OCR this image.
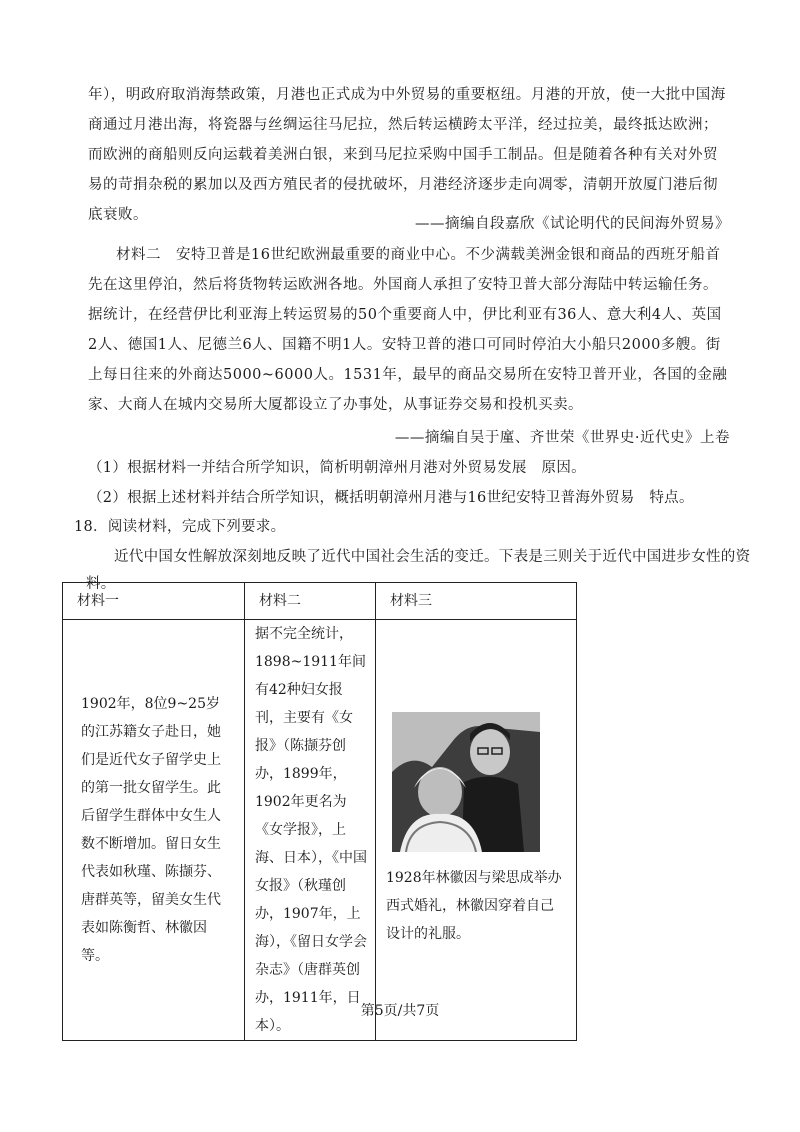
年），明政府取消海禁政策，月港也正式成为中外贸易的重要枢纽。月港的开放，使一大批中国海商通过月港出海，将瓷器与丝绸运往马尼拉，然后转运横跨太平洋，经过拉美，最终抵达欧洲；而欧洲的商船则反向运载着美洲白银，来到马尼拉采购中国手工制品。但是随着各种有关对外贸易的苛捐杂税的累加以及西方殖民者的侵扰破坏，月港经济逐步走向凋零，清朝开放厦门港后彻底衰败。

——摘编自段嘉欣《试论明代的民间海外贸易》

材料二　安特卫普是16世纪欧洲最重要的商业中心。不少满载美洲金银和商品的西班牙船首先在这里停泊，然后将货物转运欧洲各地。外国商人承担了安特卫普大部分海陆中转运输任务。据统计，在经营伊比利亚海上转运贸易的50个重要商人中，伊比利亚有36人、意大利4人、英国2人、德国1人、尼德兰6人、国籍不明1人。安特卫普的港口可同时停泊大小船只2000多艘。街上每日往来的外商达5000~6000人。1531年，最早的商品交易所在安特卫普开业，各国的金融家、大商人在城内交易所大厦都设立了办事处，从事证券交易和投机买卖。

——摘编自吴于廑、齐世荣《世界史·近代史》上卷
（1）根据材料一并结合所学知识，简析明朝漳州月港对外贸易发展　原因。
（2）根据上述材料并结合所学知识，概括明朝漳州月港与16世纪安特卫普海外贸易　特点。
18．阅读材料，完成下列要求。
近代中国女性解放深刻地反映了近代中国社会生活的变迁。下表是三则关于近代中国进步女性的资料。
材料一	材料二	材料三
1902年，8位9~25岁的江苏籍女子赴日，她们是近代女子留学史上的第一批女留学生。此后留学生群体中女生人数不断增加。留日女生代表如秋瑾、陈撷芬、唐群英等，留美女生代表如陈衡哲、林徽因等。	据不完全统计，1898~1911年间有42种妇女报刊，主要有《女报》（陈撷芬创办，1899年，1902年更名为《女学报》，上海、日本），《中国女报》（秋瑾创办，1907年，上海），《留日女学会杂志》（唐群英创办，1911年，日本）。	1928年林徽因与梁思成举办西式婚礼，林徽因穿着自己设计的礼服。
第5页/共7页
